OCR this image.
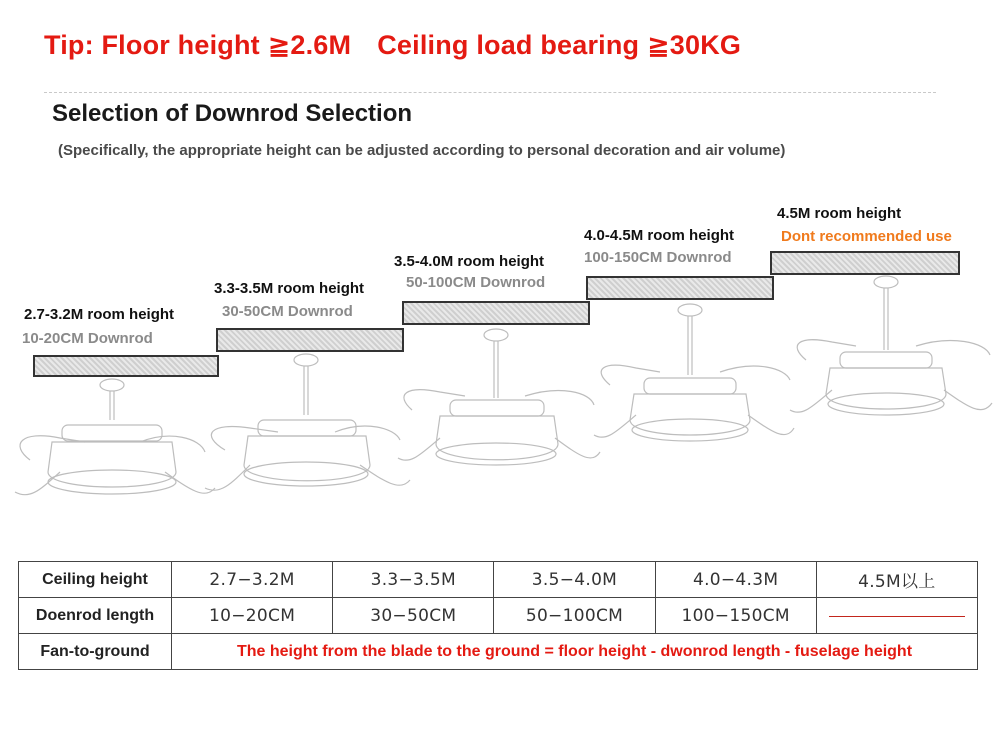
Tip: Floor height ≧2.6M Ceiling load bearing ≧30KG
Selection of Downrod Selection
(Specifically, the appropriate height can be adjusted according to personal decoration and air volume)
2.7-3.2M room height
10-20CM Downrod
3.3-3.5M room height
30-50CM Downrod
3.5-4.0M room height
50-100CM Downrod
4.0-4.5M room height
100-150CM Downrod
4.5M room height
Dont recommended use
Ceiling height	2.7−3.2M	3.3−3.5M	3.5−4.0M	4.0−4.3M	4.5M以上
Doenrod length	10−20CM	30−50CM	50−100CM	100−150CM	
Fan-to-ground	The height from the blade to the ground = floor height - dwonrod length - fuselage height				
